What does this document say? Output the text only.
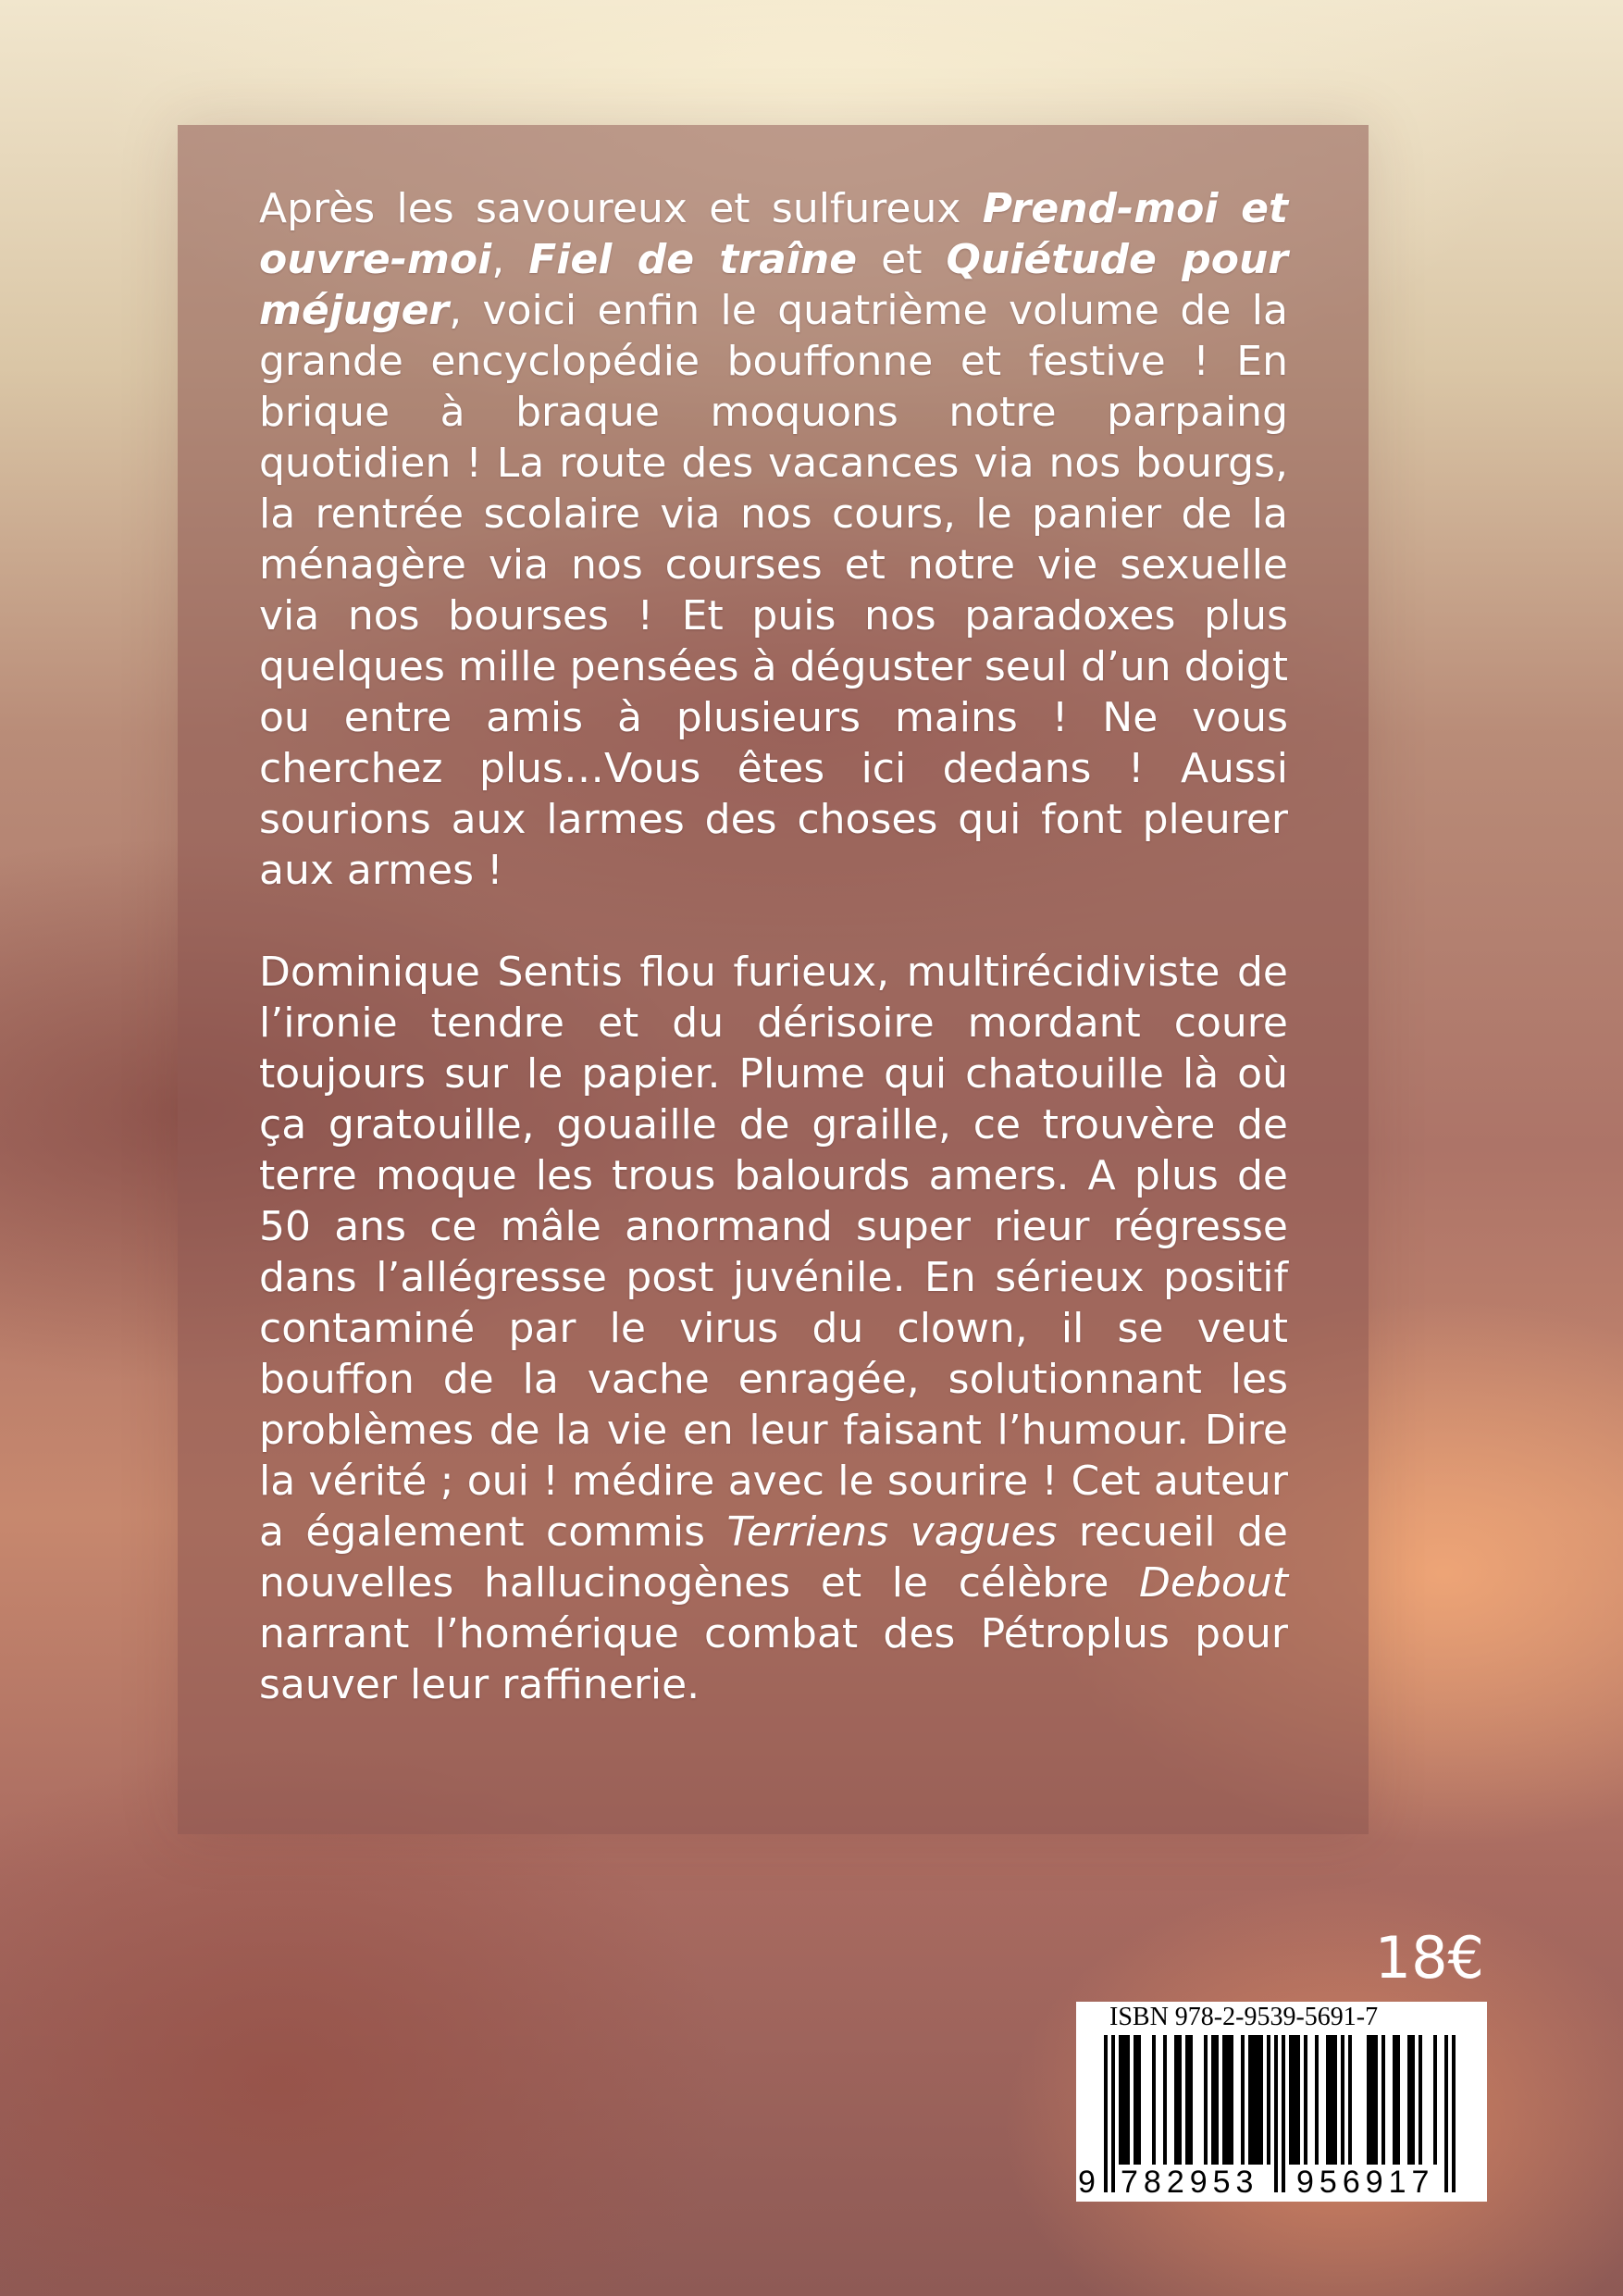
Après les savoureux et sulfureux Prend-moi et ouvre-moi, Fiel de traîne et Quiétude pour méjuger, voici enfin le quatrième volume de la grande encyclopédie bouffonne et festive ! En brique à braque moquons notre parpaing quotidien ! La route des vacances via nos bourgs, la rentrée scolaire via nos cours, le panier de la ménagère via nos courses et notre vie sexuelle via nos bourses ! Et puis nos paradoxes plus quelques mille pensées à déguster seul d’un doigt ou entre amis à plusieurs mains ! Ne vous cherchez plus…Vous êtes ici dedans ! Aussi sourions aux larmes des choses qui font pleurer aux armes !

Dominique Sentis flou furieux, multirécidiviste de l’ironie tendre et du dérisoire mordant coure toujours sur le papier. Plume qui chatouille là où ça gratouille, gouaille de graille, ce trouvère de terre moque les trous balourds amers. A plus de 50 ans ce mâle anormand super rieur régresse dans l’allégresse post juvénile. En sérieux positif contaminé par le virus du clown, il se veut bouffon de la vache enragée, solutionnant les problèmes de la vie en leur faisant l’humour. Dire la vérité ; oui ! médire avec le sourire ! Cet auteur a également commis Terriens vagues recueil de nouvelles hallucinogènes et le célèbre Debout narrant l’homérique combat des Pétroplus pour sauver leur raffinerie.

18€
ISBN 978-2-9539-5691-7
9 782953 956917
